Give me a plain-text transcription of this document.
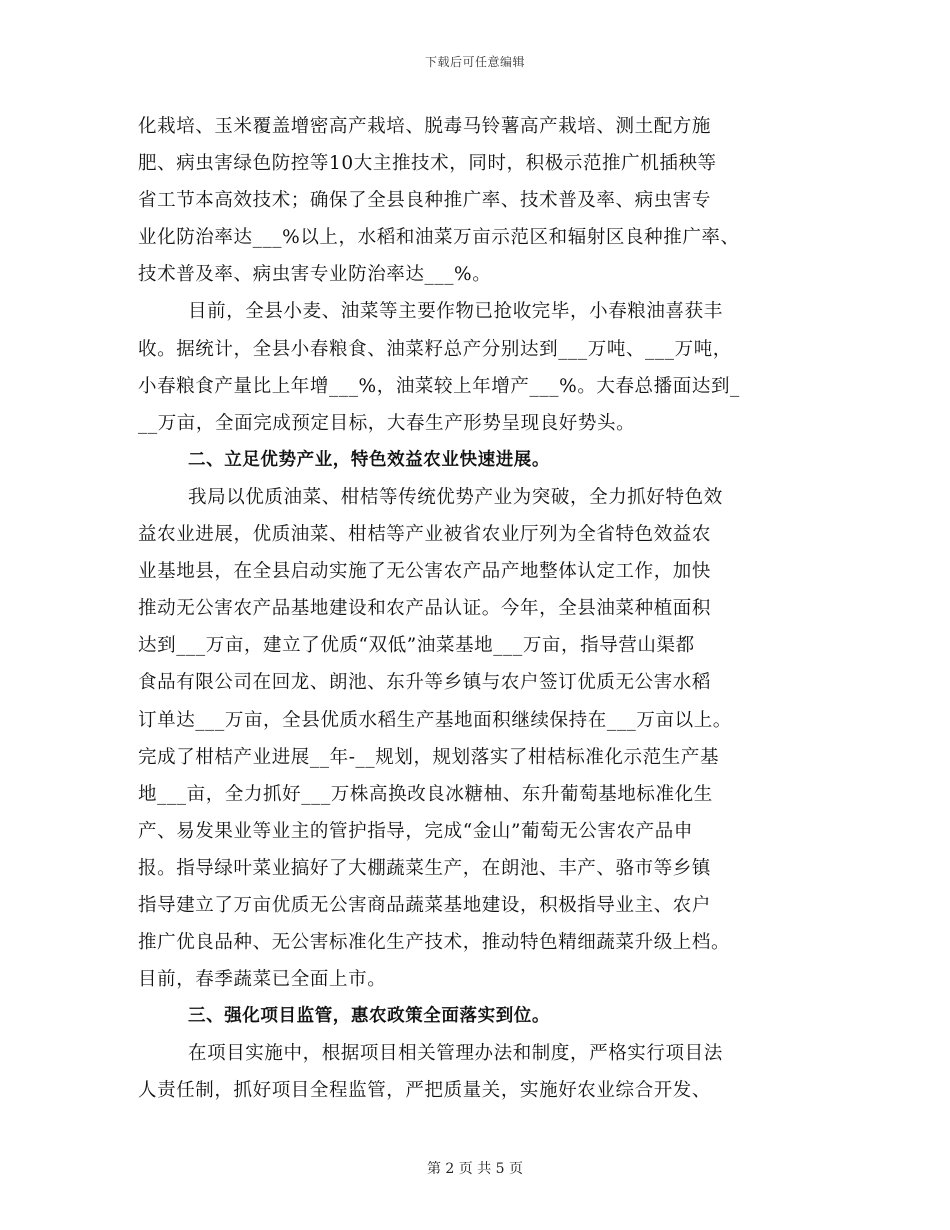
下载后可任意编辑
化栽培、玉米覆盖增密高产栽培、脱毒马铃薯高产栽培、测土配方施
肥、病虫害绿色防控等10大主推技术，同时，积极示范推广机插秧等
省工节本高效技术；确保了全县良种推广率、技术普及率、病虫害专
业化防治率达___%以上，水稻和油菜万亩示范区和辐射区良种推广率、
技术普及率、病虫害专业防治率达___%。
目前，全县小麦、油菜等主要作物已抢收完毕，小春粮油喜获丰
收。据统计，全县小春粮食、油菜籽总产分别达到___万吨、___万吨，
小春粮食产量比上年增___%，油菜较上年增产___%。大春总播面达到_
__万亩，全面完成预定目标，大春生产形势呈现良好势头。
二、立足优势产业，特色效益农业快速进展。
我局以优质油菜、柑桔等传统优势产业为突破，全力抓好特色效
益农业进展，优质油菜、柑桔等产业被省农业厅列为全省特色效益农
业基地县，在全县启动实施了无公害农产品产地整体认定工作，加快
推动无公害农产品基地建设和农产品认证。今年，全县油菜种植面积
达到___万亩，建立了优质“双低”油菜基地___万亩，指导营山渠都
食品有限公司在回龙、朗池、东升等乡镇与农户签订优质无公害水稻
订单达___万亩，全县优质水稻生产基地面积继续保持在___万亩以上。
完成了柑桔产业进展__年-__规划，规划落实了柑桔标准化示范生产基
地___亩，全力抓好___万株高换改良冰糖柚、东升葡萄基地标准化生
产、易发果业等业主的管护指导，完成“金山”葡萄无公害农产品申
报。指导绿叶菜业搞好了大棚蔬菜生产，在朗池、丰产、骆市等乡镇
指导建立了万亩优质无公害商品蔬菜基地建设，积极指导业主、农户
推广优良品种、无公害标准化生产技术，推动特色精细蔬菜升级上档。
目前，春季蔬菜已全面上市。
三、强化项目监管，惠农政策全面落实到位。
在项目实施中，根据项目相关管理办法和制度，严格实行项目法
人责任制，抓好项目全程监管，严把质量关，实施好农业综合开发、
第 2 页 共 5 页
